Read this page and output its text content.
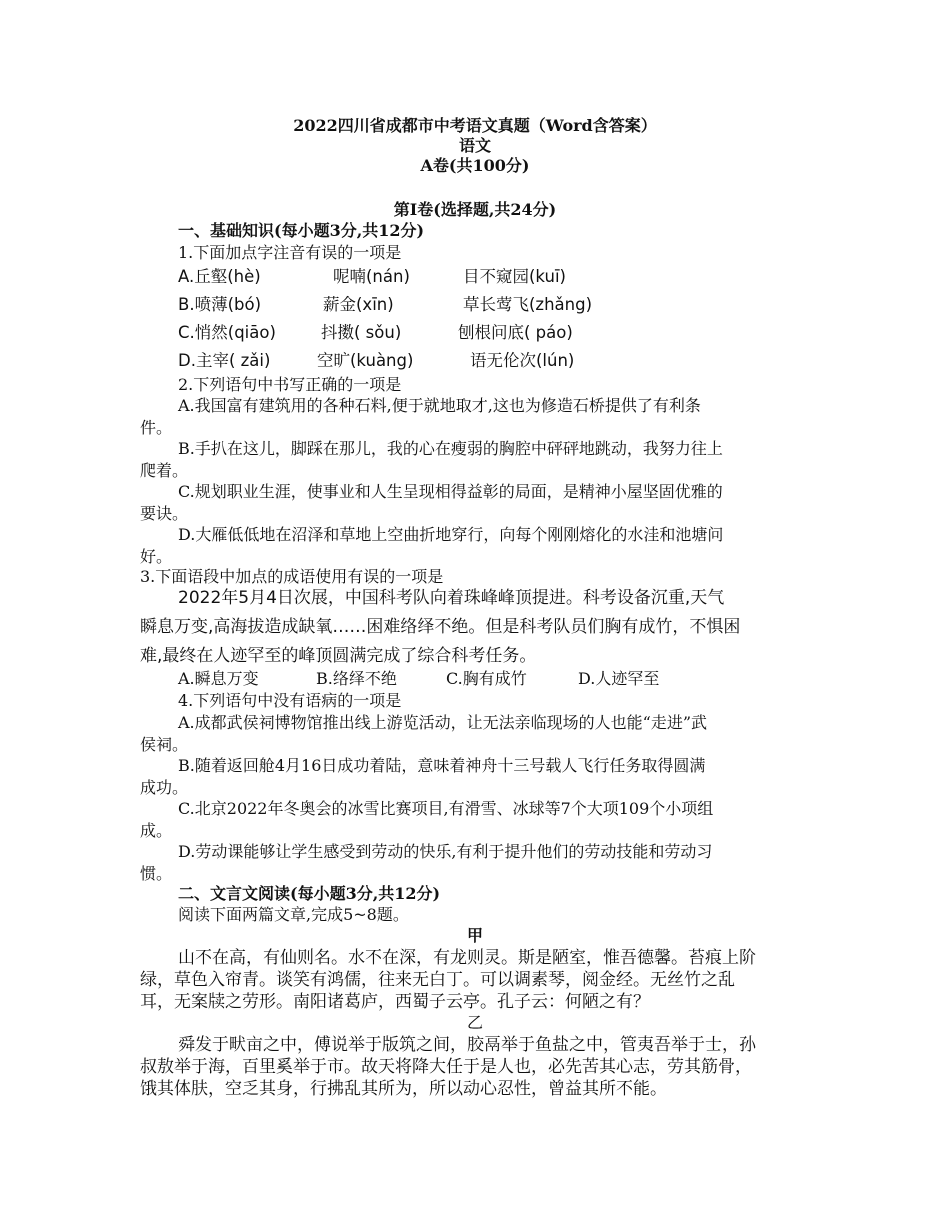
2022四川省成都市中考语文真题（Word含答案）
语文
A卷(共100分)
第Ⅰ卷(选择题,共24分)
一、基础知识(每小题3分,共12分)
1.下面加点字注音有误的一项是
A.丘壑(hè)	呢喃(nán)	目不窥园(kuī)
B.喷薄(bó)	薪金(xīn)	草长莺飞(zhǎng)
C.悄然(qiāo)	抖擞( sǒu)	刨根问底( páo)
D.主宰( zǎi)	空旷(kuàng)	语无伦次(lún)
2.下列语句中书写正确的一项是
A.我国富有建筑用的各种石料,便于就地取才,这也为修造石桥提供了有利条
件。
B.手扒在这儿，脚踩在那儿，我的心在瘦弱的胸腔中砰砰地跳动，我努力往上
爬着。
C.规划职业生涯，使事业和人生呈现相得益彰的局面，是精神小屋坚固优雅的
要诀。
D.大雁低低地在沼泽和草地上空曲折地穿行，向每个刚刚熔化的水洼和池塘问
好。
3.下面语段中加点的成语使用有误的一项是
2022年5月4日次展，中国科考队向着珠峰峰顶提进。科考设备沉重,天气
瞬息万变,高海拔造成缺氧……困难络绎不绝。但是科考队员们胸有成竹，不惧困
难,最终在人迹罕至的峰顶圆满完成了综合科考任务。
A.瞬息万变	B.络绎不绝	C.胸有成竹	D.人迹罕至
4.下列语句中没有语病的一项是
A.成都武侯祠博物馆推出线上游览活动，让无法亲临现场的人也能“走进”武
侯祠。
B.随着返回舱4月16日成功着陆，意味着神舟十三号载人飞行任务取得圆满
成功。
C.北京2022年冬奥会的冰雪比赛项目,有滑雪、冰球等7个大项109个小项组
成。
D.劳动课能够让学生感受到劳动的快乐,有利于提升他们的劳动技能和劳动习
惯。
二、文言文阅读(每小题3分,共12分)
阅读下面两篇文章,完成5~8题。
甲
山不在高，有仙则名。水不在深，有龙则灵。斯是陋室，惟吾德馨。苔痕上阶
绿，草色入帘青。谈笑有鸿儒，往来无白丁。可以调素琴，阅金经。无丝竹之乱
耳，无案牍之劳形。南阳诸葛庐，西蜀子云亭。孔子云：何陋之有？
乙
舜发于畎亩之中，傅说举于版筑之间，胶鬲举于鱼盐之中，管夷吾举于士，孙
叔敖举于海，百里奚举于市。故天将降大任于是人也，必先苦其心志，劳其筋骨，
饿其体肤，空乏其身，行拂乱其所为，所以动心忍性，曾益其所不能。
